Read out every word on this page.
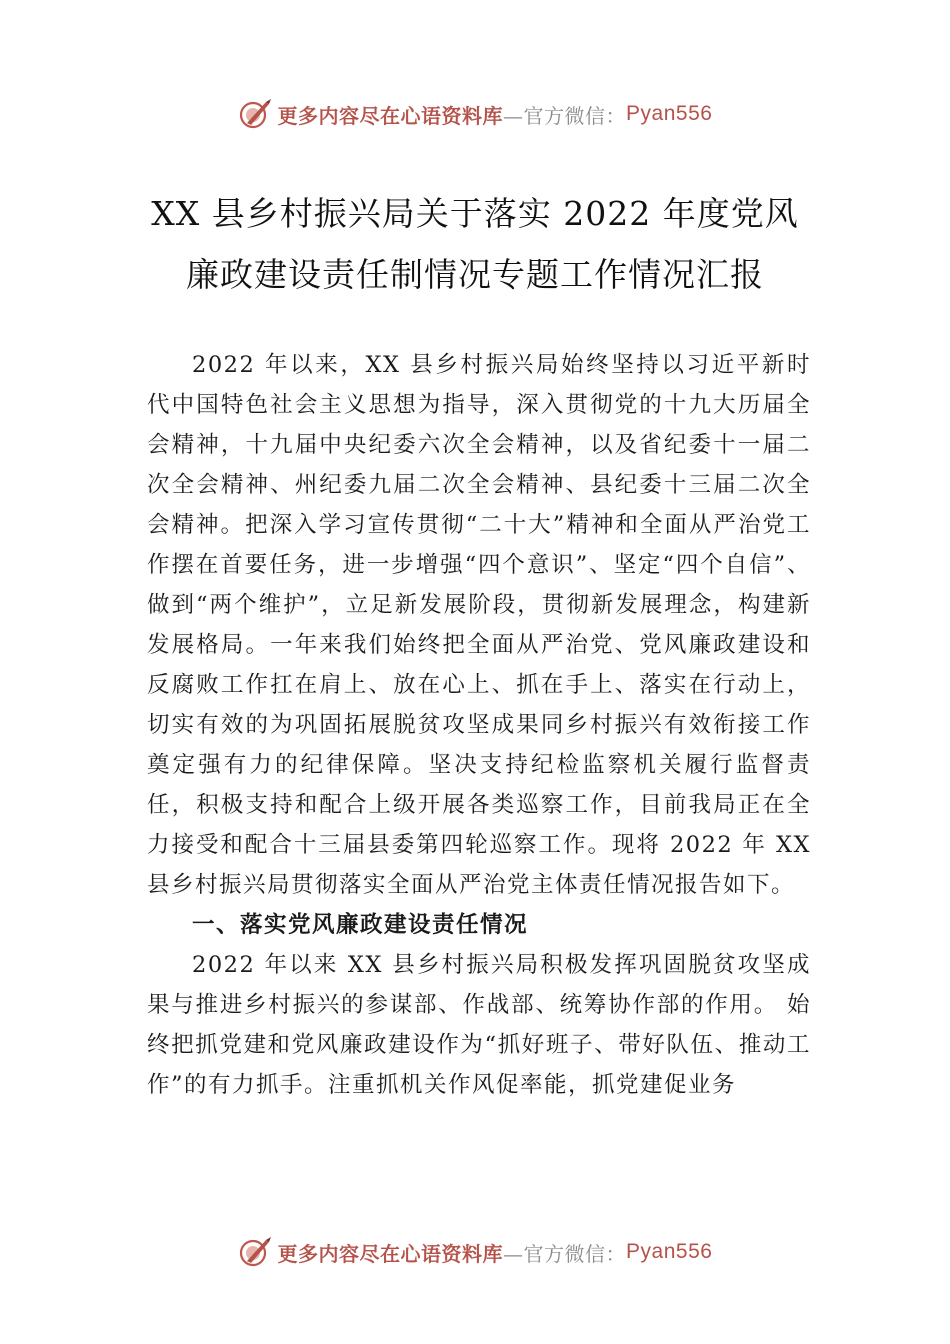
更多内容尽在心语资料库 —官方微信： Pyan556
XX 县乡村振兴局关于落实 2022 年度党风
廉政建设责任制情况专题工作情况汇报

2022 年以来，XX 县乡村振兴局始终坚持以习近平新时代中国特色社会主义思想为指导，深入贯彻党的十九大历届全会精神，十九届中央纪委六次全会精神，以及省纪委十一届二次全会精神、州纪委九届二次全会精神、县纪委十三届二次全会精神。把深入学习宣传贯彻“二十大”精神和全面从严治党工作摆在首要任务，进一步增强“四个意识”、坚定“四个自信”、做到“两个维护”，立足新发展阶段，贯彻新发展理念，构建新发展格局。一年来我们始终把全面从严治党、党风廉政建设和反腐败工作扛在肩上、放在心上、抓在手上、落实在行动上，切实有效的为巩固拓展脱贫攻坚成果同乡村振兴有效衔接工作奠定强有力的纪律保障。坚决支持纪检监察机关履行监督责任，积极支持和配合上级开展各类巡察工作，目前我局正在全力接受和配合十三届县委第四轮巡察工作。现将 2022 年 XX 县乡村振兴局贯彻落实全面从严治党主体责任情况报告如下。

一、落实党风廉政建设责任情况

2022 年以来 XX 县乡村振兴局积极发挥巩固脱贫攻坚成果与推进乡村振兴的参谋部、作战部、统筹协作部的作用。 始终把抓党建和党风廉政建设作为“抓好班子、带好队伍、推动工作”的有力抓手。注重抓机关作风促率能，抓党建促业务

更多内容尽在心语资料库 —官方微信： Pyan556
